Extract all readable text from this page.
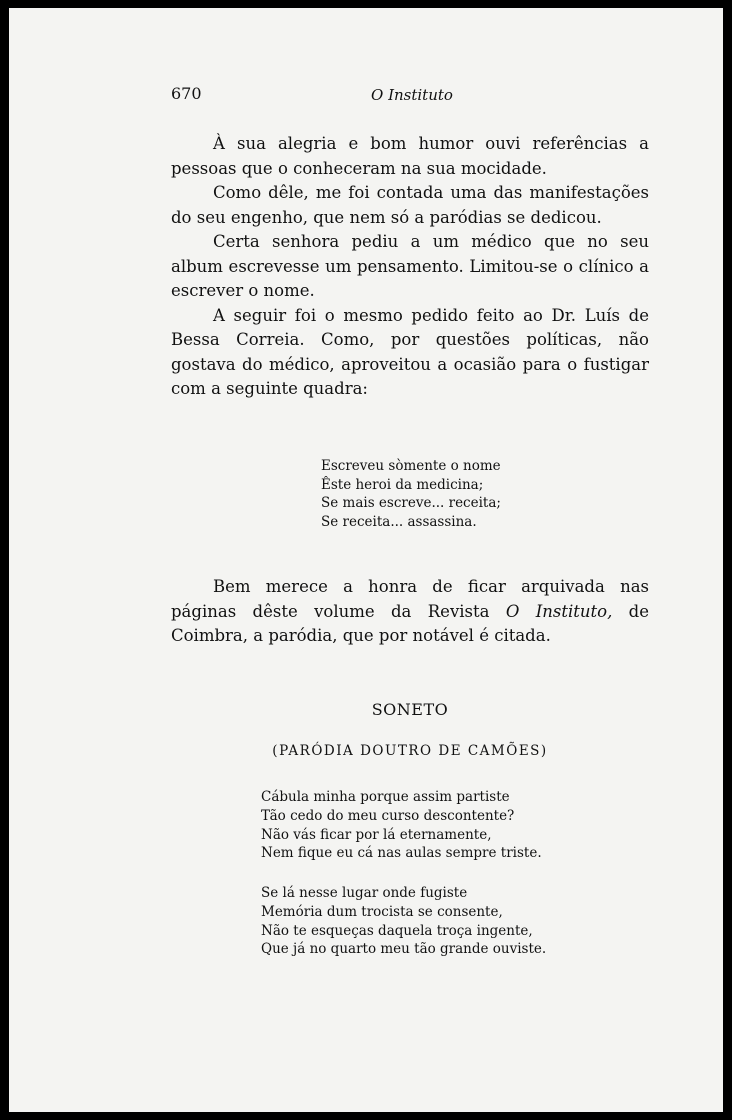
670	O Instituto

À sua alegria e bom humor ouvi referências a pessoas que o conheceram na sua mocidade.

Como dêle, me foi contada uma das manifestações do seu engenho, que nem só a paródias se dedicou.

Certa senhora pediu a um médico que no seu album escrevesse um pensamento. Limitou-se o clínico a escrever o nome.

A seguir foi o mesmo pedido feito ao Dr. Luís de Bessa Correia. Como, por questões políticas, não gostava do médico, aproveitou a ocasião para o fustigar com a seguinte quadra:

Escreveu sòmente o nome
Êste heroi da medicina;
Se mais escreve... receita;
Se receita... assassina.

Bem merece a honra de ficar arquivada nas páginas dêste volume da Revista O Instituto, de Coimbra, a paródia, que por notável é citada.

SONETO
(PARÓDIA DOUTRO DE CAMÕES)
Cábula minha porque assim partiste
Tão cedo do meu curso descontente?
Não vás ficar por lá eternamente,
Nem fique eu cá nas aulas sempre triste.
Se lá nesse lugar onde fugiste
Memória dum trocista se consente,
Não te esqueças daquela troça ingente,
Que já no quarto meu tão grande ouviste.
